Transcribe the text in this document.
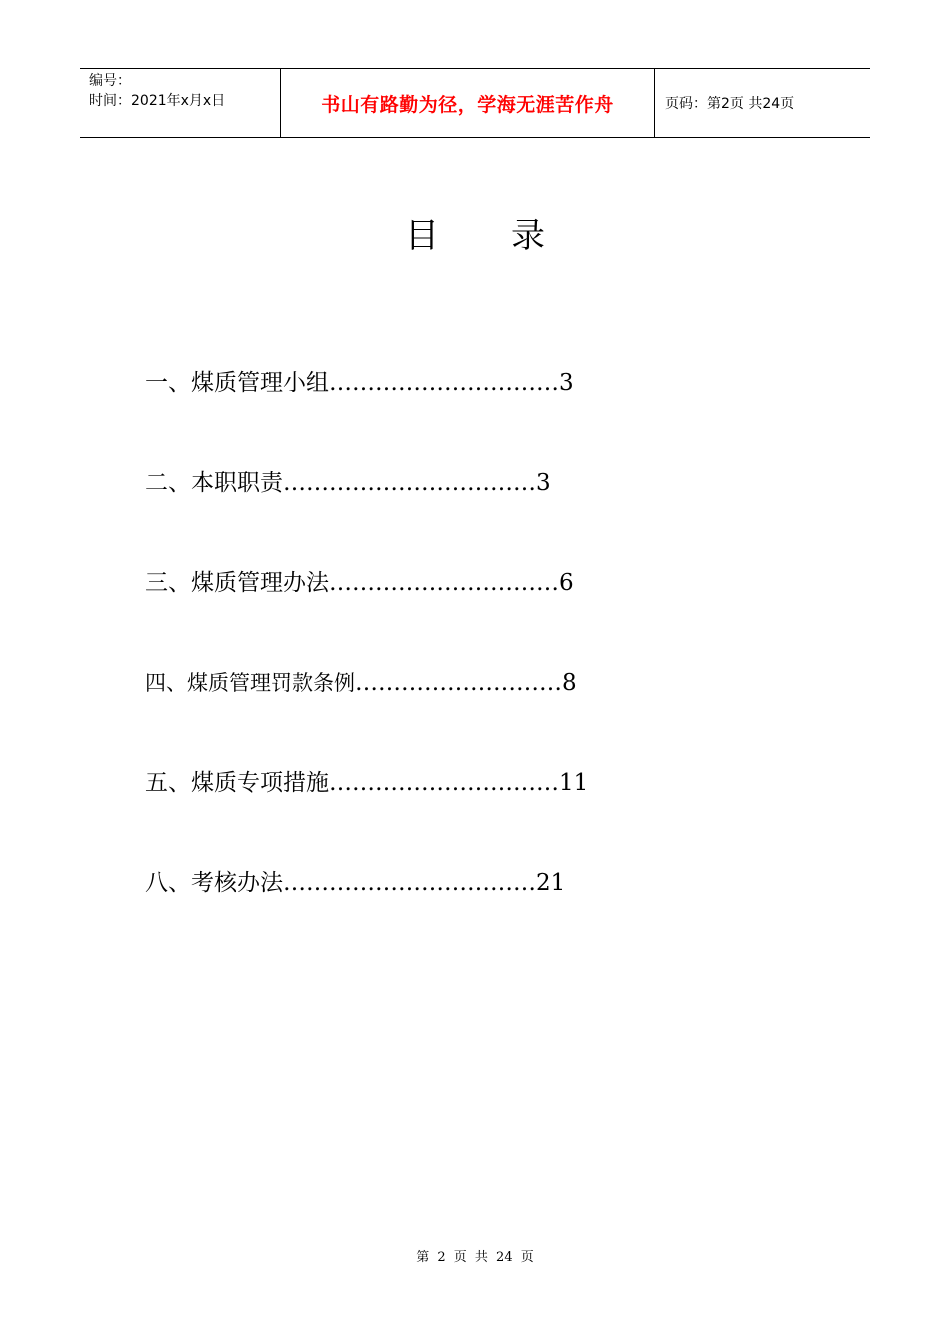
编号：
时间：2021年x月x日	书山有路勤为径，学海无涯苦作舟	页码：第2页 共24页
目录
一、煤质管理小组…………………………3
二、本职职责……………………………3
三、煤质管理办法…………………………6
四、煤质管理罚款条例………………………8
五、煤质专项措施…………………………11
八、考核办法……………………………21
第 2 页 共 24 页
